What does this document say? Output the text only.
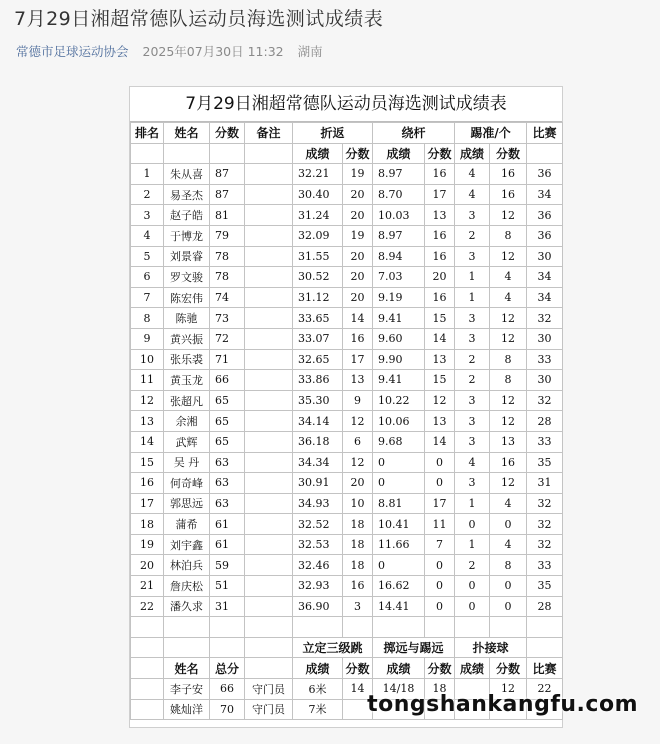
7月29日湘超常德队运动员海选测试成绩表
常德市足球运动协会 2025年07月30日 11:32 湖南
7月29日湘超常德队运动员海选测试成绩表
排名	姓名	分数	备注	折返		绕杆		踢准/个		比赛
				成绩	分数	成绩	分数	成绩	分数	
1	朱从喜	87		32.21	19	8.97	16	4	16	36
2	易圣杰	87		30.40	20	8.70	17	4	16	34
3	赵子皓	81		31.24	20	10.03	13	3	12	36
4	于博龙	79		32.09	19	8.97	16	2	8	36
5	刘景睿	78		31.55	20	8.94	16	3	12	30
6	罗文骏	78		30.52	20	7.03	20	1	4	34
7	陈宏伟	74		31.12	20	9.19	16	1	4	34
8	陈驰	73		33.65	14	9.41	15	3	12	32
9	黄兴振	72		33.07	16	9.60	14	3	12	30
10	张乐裘	71		32.65	17	9.90	13	2	8	33
11	黄玉龙	66		33.86	13	9.41	15	2	8	30
12	张超凡	65		35.30	9	10.22	12	3	12	32
13	余湘	65		34.14	12	10.06	13	3	12	28
14	武辉	65		36.18	6	9.68	14	3	13	33
15	吴 丹	63		34.34	12	0	0	4	16	35
16	何奇峰	63		30.91	20	0	0	3	12	31
17	郭思远	63		34.93	10	8.81	17	1	4	32
18	蒲希	61		32.52	18	10.41	11	0	0	32
19	刘宇鑫	61		32.53	18	11.66	7	1	4	32
20	林泊兵	59		32.46	18	0	0	2	8	33
21	詹庆松	51		32.93	16	16.62	0	0	0	35
22	潘久求	31		36.90	3	14.41	0	0	0	28

				立定三级跳		掷远与踢远		扑接球		
	姓名	总分		成绩	分数	成绩	分数	成绩	分数	比赛
	李子安	66	守门员	6米	14	14/18	18		12	22
	姚灿洋	70	守门员	7米						tongshankangfu.com
